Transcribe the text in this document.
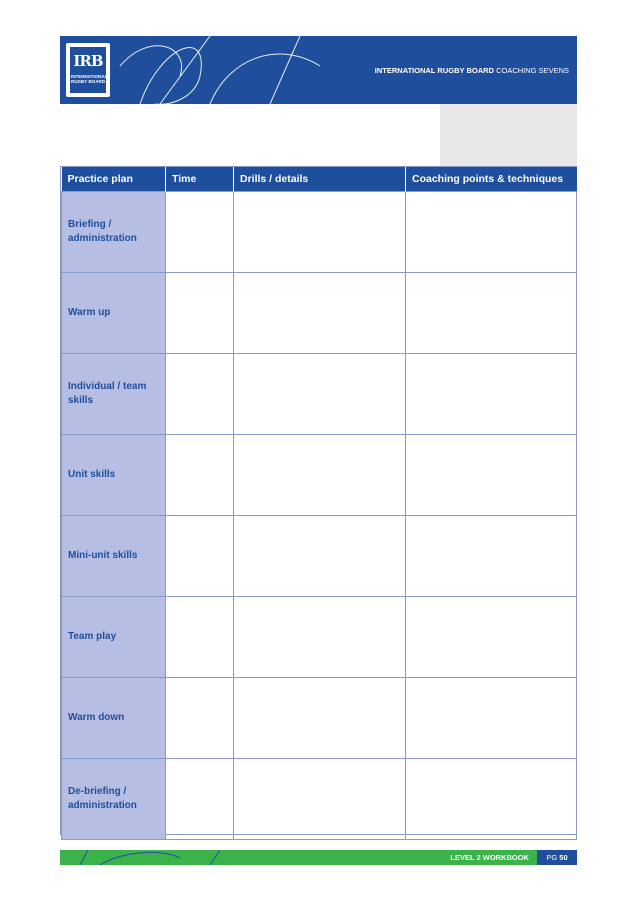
IRB
INTERNATIONAL
RUGBY BOARD
INTERNATIONAL RUGBY BOARD COACHING SEVENS
Practice plan	Time	Drills / details	Coaching points & techniques
Briefing / administration			
Warm up			
Individual / team skills			
Unit skills			
Mini-unit skills			
Team play			
Warm down			
De-briefing / administration			
LEVEL 2 WORKBOOK	PG 50
